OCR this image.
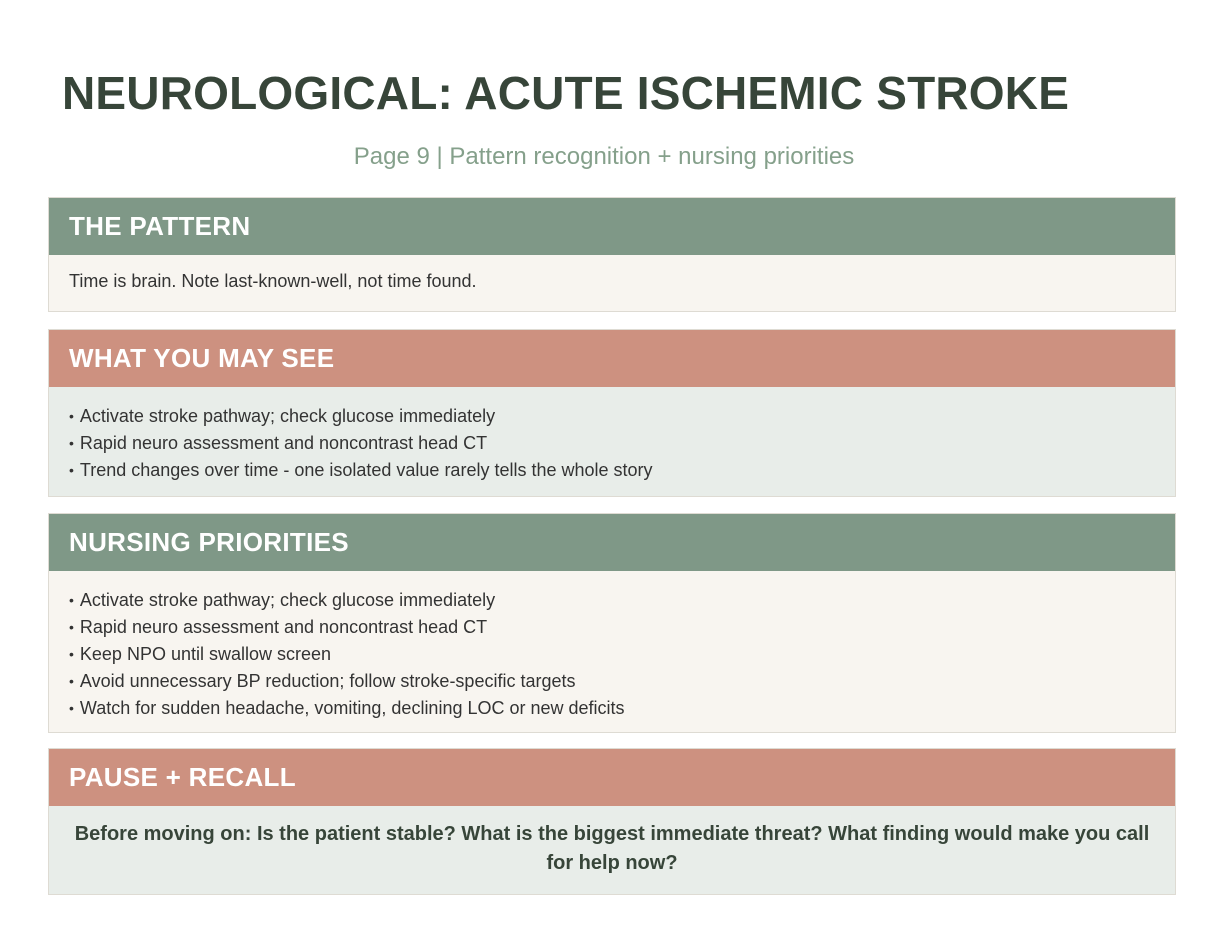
NEUROLOGICAL: ACUTE ISCHEMIC STROKE

Page 9 | Pattern recognition + nursing priorities

THE PATTERN
Time is brain. Note last-known-well, not time found.
WHAT YOU MAY SEE
• Activate stroke pathway; check glucose immediately
• Rapid neuro assessment and noncontrast head CT
• Trend changes over time - one isolated value rarely tells the whole story
NURSING PRIORITIES
• Activate stroke pathway; check glucose immediately
• Rapid neuro assessment and noncontrast head CT
• Keep NPO until swallow screen
• Avoid unnecessary BP reduction; follow stroke-specific targets
• Watch for sudden headache, vomiting, declining LOC or new deficits
PAUSE + RECALL
Before moving on: Is the patient stable? What is the biggest immediate threat? What finding would make you call for help now?
